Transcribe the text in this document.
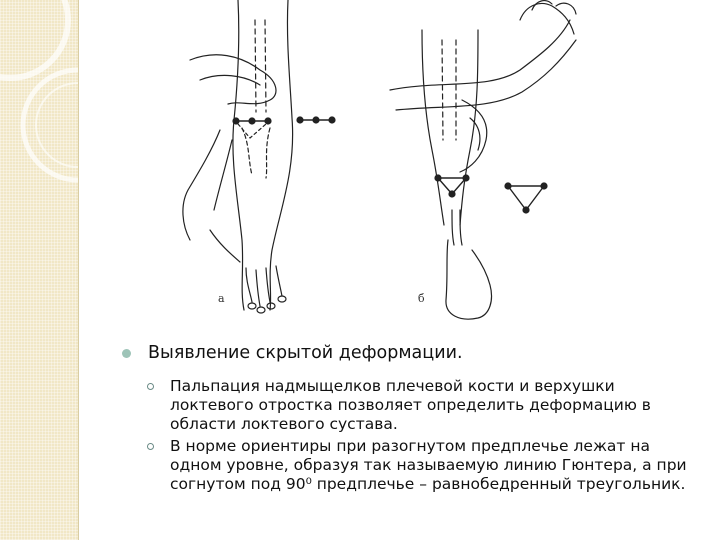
а	б
Выявление скрытой деформации.
Пальпация надмыщелков плечевой кости и верхушки локтевого отростка позволяет определить деформацию в области локтевого сустава.
В норме ориентиры при разогнутом предплечье лежат на одном уровне, образуя так называемую линию Гюнтера, а при согнутом под 90⁰ предплечье – равнобедренный треугольник.
